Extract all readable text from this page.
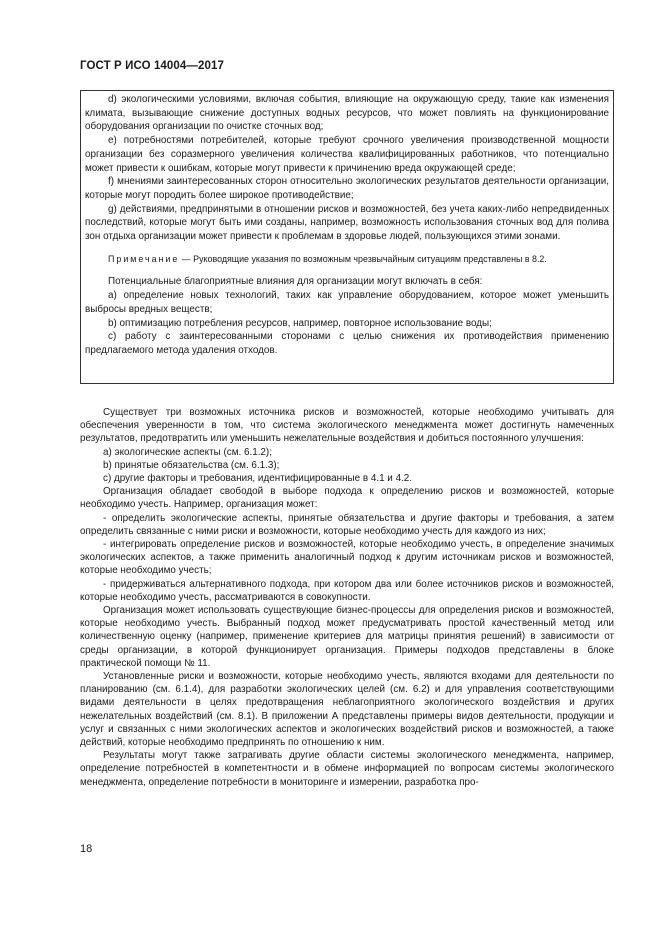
ГОСТ Р ИСО 14004—2017

d) экологическими условиями, включая события, влияющие на окружающую среду, такие как изменения климата, вызывающие снижение доступных водных ресурсов, что может повлиять на функционирование оборудования организации по очистке сточных вод;

e) потребностями потребителей, которые требуют срочного увеличения производственной мощности организации без соразмерного увеличения количества квалифицированных работников, что потенциально может привести к ошибкам, которые могут привести к причинению вреда окружающей среде;

f) мнениями заинтересованных сторон относительно экологических результатов деятельности организации, которые могут породить более широкое противодействие;

g) действиями, предпринятыми в отношении рисков и возможностей, без учета каких-либо непредвиденных последствий, которые могут быть ими созданы, например, возможность использования сточных вод для полива зон отдыха организации может привести к проблемам в здоровье людей, пользующихся этими зонами.

Примечание — Руководящие указания по возможным чрезвычайным ситуациям представлены в 8.2.

Потенциальные благоприятные влияния для организации могут включать в себя:

a) определение новых технологий, таких как управление оборудованием, которое может уменьшить выбросы вредных веществ;

b) оптимизацию потребления ресурсов, например, повторное использование воды;

c) работу с заинтересованными сторонами с целью снижения их противодействия применению предлагаемого метода удаления отходов.

Существует три возможных источника рисков и возможностей, которые необходимо учитывать для обеспечения уверенности в том, что система экологического менеджмента может достигнуть намеченных результатов, предотвратить или уменьшить нежелательные воздействия и добиться постоянного улучшения:

a) экологические аспекты (см. 6.1.2);

b) принятые обязательства (см. 6.1.3);

c) другие факторы и требования, идентифицированные в 4.1 и 4.2.

Организация обладает свободой в выборе подхода к определению рисков и возможностей, которые необходимо учесть. Например, организация может:

- определить экологические аспекты, принятые обязательства и другие факторы и требования, а затем определить связанные с ними риски и возможности, которые необходимо учесть для каждого из них;

- интегрировать определение рисков и возможностей, которые необходимо учесть, в определение значимых экологических аспектов, а также применить аналогичный подход к другим источникам рисков и возможностей, которые необходимо учесть;

- придерживаться альтернативного подхода, при котором два или более источников рисков и возможностей, которые необходимо учесть, рассматриваются в совокупности.

Организация может использовать существующие бизнес-процессы для определения рисков и возможностей, которые необходимо учесть. Выбранный подход может предусматривать простой качественный метод или количественную оценку (например, применение критериев для матрицы принятия решений) в зависимости от среды организации, в которой функционирует организация. Примеры подходов представлены в блоке практической помощи № 11.

Установленные риски и возможности, которые необходимо учесть, являются входами для деятельности по планированию (см. 6.1.4), для разработки экологических целей (см. 6.2) и для управления соответствующими видами деятельности в целях предотвращения неблагоприятного экологического воздействия и других нежелательных воздействий (см. 8.1). В приложении А представлены примеры видов деятельности, продукции и услуг и связанных с ними экологических аспектов и экологических воздействий рисков и возможностей, а также действий, которые необходимо предпринять по отношению к ним.

Результаты могут также затрагивать другие области системы экологического менеджмента, например, определение потребностей в компетентности и в обмене информацией по вопросам системы экологического менеджмента, определение потребности в мониторинге и измерении, разработка про-

18
